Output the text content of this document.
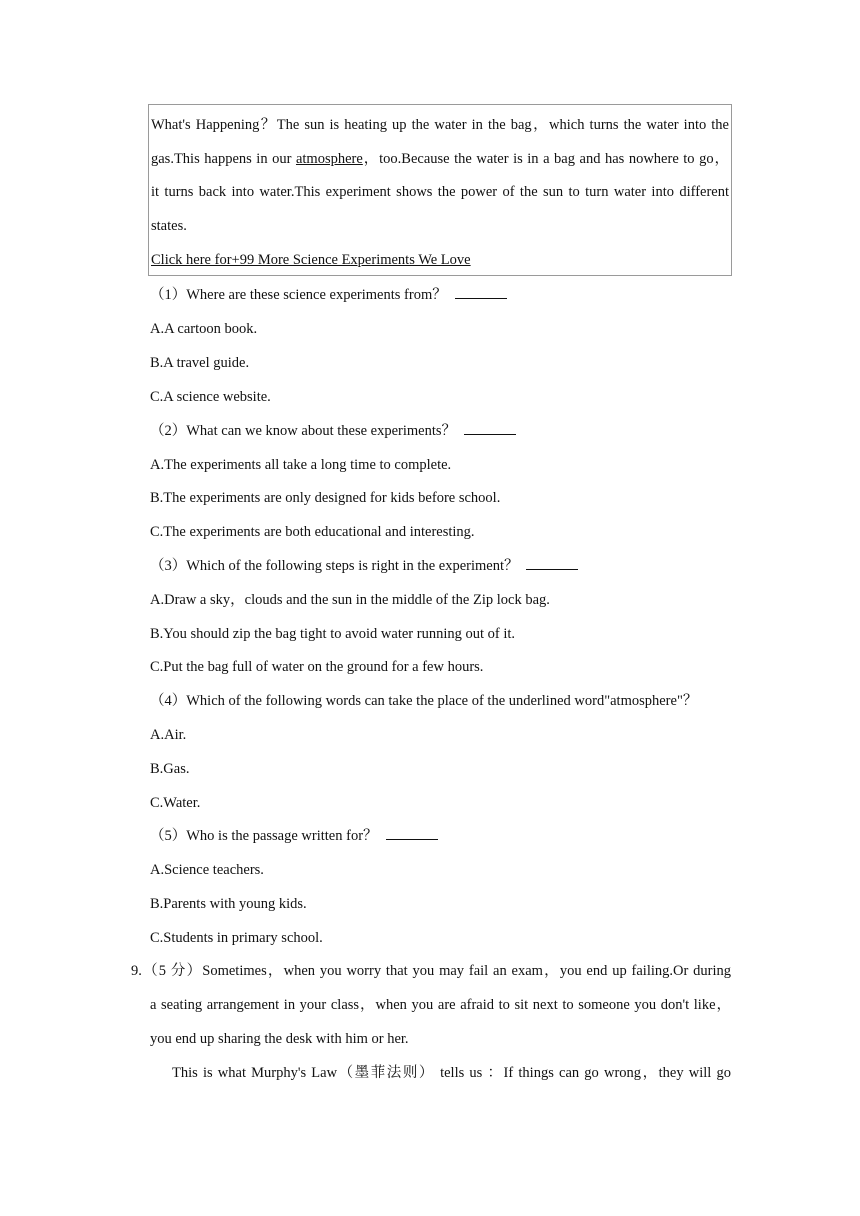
What's Happening？The sun is heating up the water in the bag，which turns the water into the
gas.This happens in our atmosphere，too.Because the water is in a bag and has nowhere to go，
it turns back into water.This experiment shows the power of the sun to turn water into different
states.
Click here for+99 More Science Experiments We Love
（1）Where are these science experiments from？
A.A cartoon book.
B.A travel guide.
C.A science website.
（2）What can we know about these experiments？
A.The experiments all take a long time to complete.
B.The experiments are only designed for kids before school.
C.The experiments are both educational and interesting.
（3）Which of the following steps is right in the experiment？
A.Draw a sky，clouds and the sun in the middle of the Zip lock bag.
B.You should zip the bag tight to avoid water running out of it.
C.Put the bag full of water on the ground for a few hours.
（4）Which of the following words can take the place of the underlined word"atmosphere"？
A.Air.
B.Gas.
C.Water.
（5）Who is the passage written for？
A.Science teachers.
B.Parents with young kids.
C.Students in primary school.
9.（5 分）Sometimes，when you worry that you may fail an exam，you end up failing.Or during
a seating arrangement in your class，when you are afraid to sit next to someone you don't like，
you end up sharing the desk with him or her.
This is what Murphy's Law（墨菲法则） tells us ：If things can go wrong，they will go
